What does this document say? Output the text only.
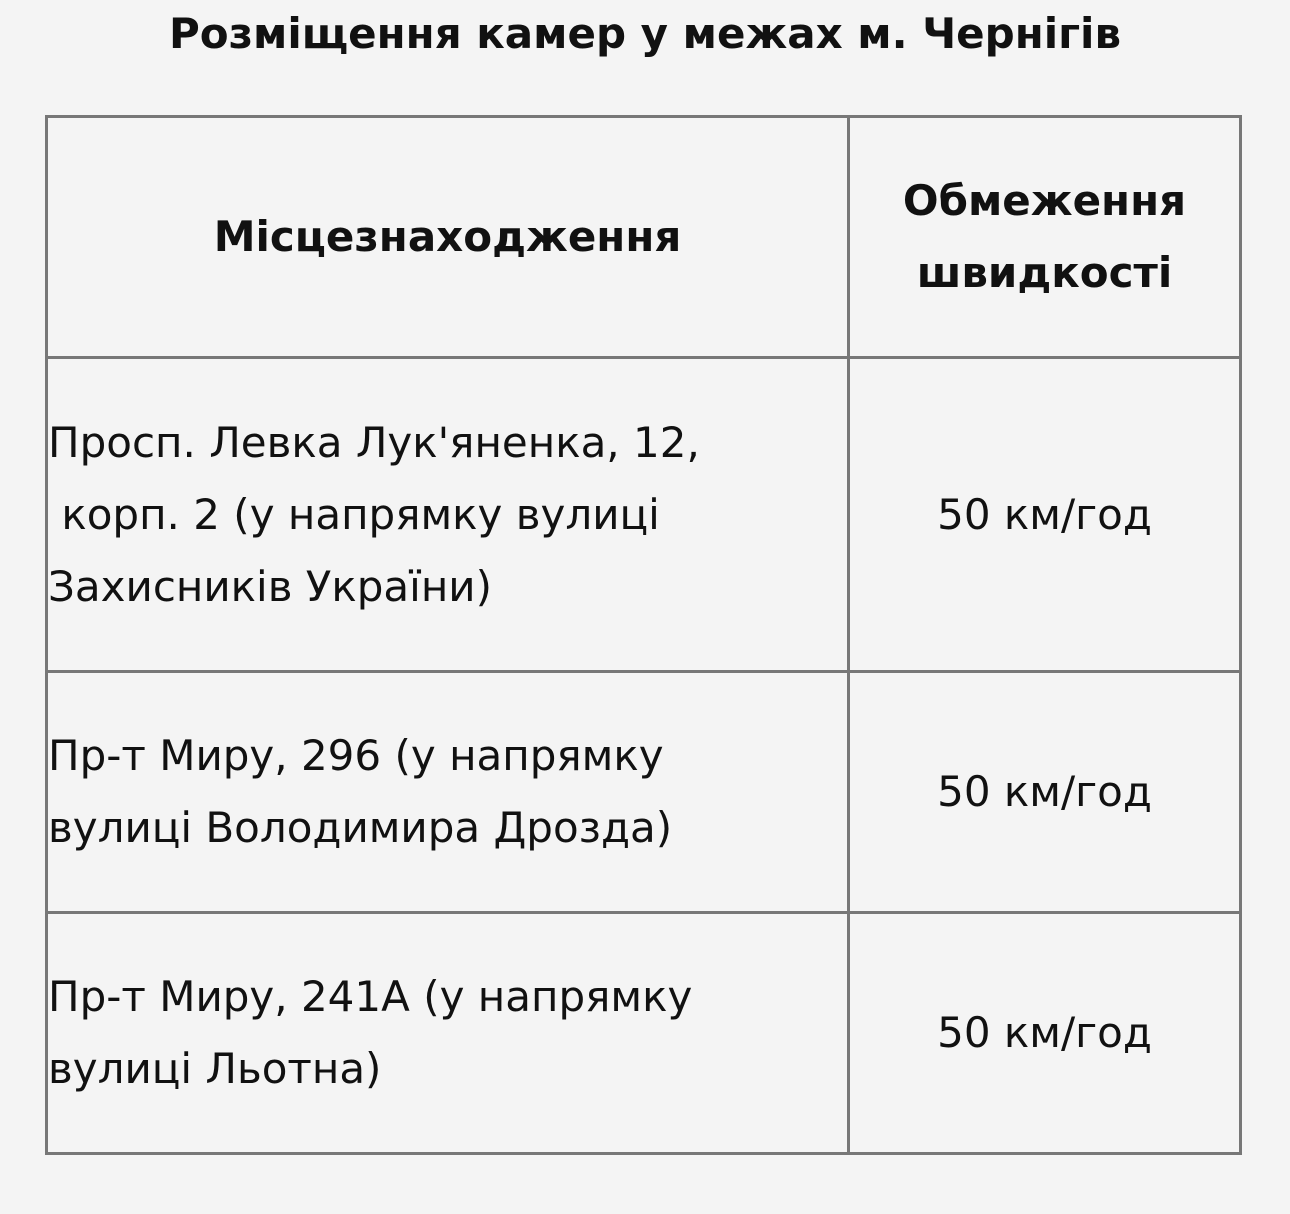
Розміщення камер у межах м. Чернігів
Місцезнаходження	Обмеження
швидкості

Просп. Левка Лук'яненка, 12,
корп. 2 (у напрямку вулиці
Захисників України)	50 км/год

Пр-т Миру, 296 (у напрямку
вулиці Володимира Дрозда)	50 км/год

Пр-т Миру, 241А (у напрямку
вулиці Льотна)	50 км/год
